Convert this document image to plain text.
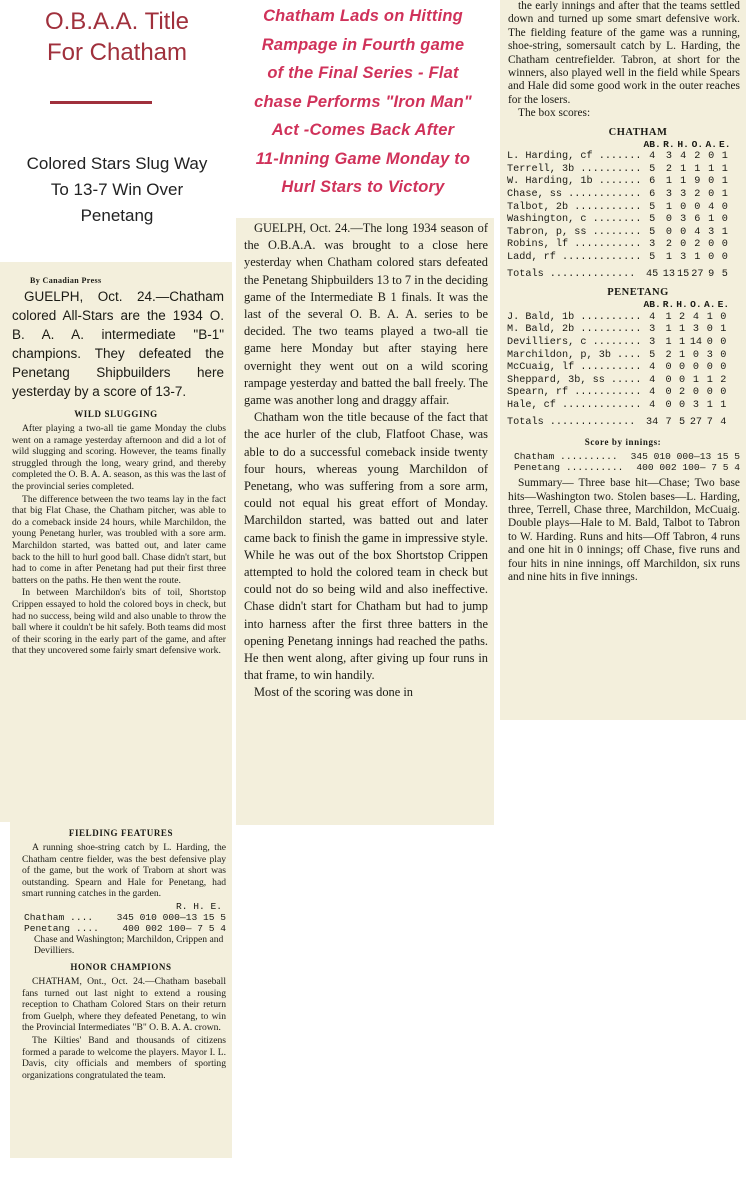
O.B.A.A. Title
For Chatham
Colored Stars Slug Way
To 13-7 Win Over
Penetang
Chatham Lads on Hitting
Rampage in Fourth game
of the Final Series - Flat
chase Performs "Iron Man"
Act -Comes Back After
11-Inning Game Monday to
Hurl Stars to Victory
By Canadian Press
GUELPH, Oct. 24.—Chatham colored All-Stars are the 1934 O. B. A. A. intermediate "B-1" champions. They defeated the Penetang Shipbuilders here yesterday by a score of 13-7.
WILD SLUGGING

After playing a two-all tie game Monday the clubs went on a ramage yesterday afternoon and did a lot of wild slugging and scoring. However, the teams finally struggled through the long, weary grind, and thereby completed the O. B. A. A. season, as this was the last of the provincial series completed.

The difference between the two teams lay in the fact that big Flat Chase, the Chatham pitcher, was able to do a comeback inside 24 hours, while Marchildon, the young Penetang hurler, was troubled with a sore arm. Marchildon started, was batted out, and later came back to the hill to hurl good ball. Chase didn't start, but had to come in after Penetang had put their first three batters on the paths. He then went the route.

In between Marchildon's bits of toil, Shortstop Crippen essayed to hold the colored boys in check, but had no success, being wild and also unable to throw the ball where it couldn't be hit safely. Both teams did most of their scoring in the early part of the game, and after that they uncovered some fairly smart defensive work.

FIELDING FEATURES

A running shoe-string catch by L. Harding, the Chatham centre fielder, was the best defensive play of the game, but the work of Traborn at short was outstanding. Spearn and Hale for Penetang, had smart running catches in the garden.

R. H. E.
Chatham .... 345 010 000—13 15 5
Penetang .... 400 002 100— 7 5 4
Chase and Washington; Marchildon, Crippen and Devilliers.
HONOR CHAMPIONS

CHATHAM, Ont., Oct. 24.—Chatham baseball fans turned out last night to extend a rousing reception to Chatham Colored Stars on their return from Guelph, where they defeated Penetang, to win the Provincial Intermediates "B" O. B. A. A. crown.

The Kilties' Band and thousands of citizens formed a parade to welcome the players. Mayor I. L. Davis, city officials and members of sporting organizations congratulated the team.

GUELPH, Oct. 24.—The long 1934 season of the O.B.A.A. was brought to a close here yesterday when Chatham colored stars defeated the Penetang Shipbuilders 13 to 7 in the deciding game of the Intermediate B 1 finals. It was the last of the several O. B. A. A. series to be decided. The two teams played a two-all tie game here Monday but after staying here overnight they went out on a wild scoring rampage yesterday and batted the ball freely. The game was another long and draggy affair.

Chatham won the title because of the fact that the ace hurler of the club, Flatfoot Chase, was able to do a successful comeback inside twenty four hours, whereas young Marchildon of Penetang, who was suffering from a sore arm, could not equal his great effort of Monday. Marchildon started, was batted out and later came back to finish the game in impressive style. While he was out of the box Shortstop Crippen attempted to hold the colored team in check but could not do so being wild and also ineffective. Chase didn't start for Chatham but had to jump into harness after the first three batters in the opening Penetang innings had reached the paths. He then went along, after giving up four runs in that frame, to win handily.

Most of the scoring was done in

the early innings and after that the teams settled down and turned up some smart defensive work. The fielding feature of the game was a running, shoe-string, somersault catch by L. Harding, the Chatham centrefielder. Tabron, at short for the winners, also played well in the field while Spears and Hale did some good work in the outer reaches for the losers.

The box scores:

CHATHAM
	AB.	R.	H.	O.	A.	E.
L. Harding, cf .......	4	3	4	2	0	1
Terrell, 3b ..........	5	2	1	1	1	1
W. Harding, 1b .......	6	1	1	9	0	1
Chase, ss ............	6	3	3	2	0	1
Talbot, 2b ...........	5	1	0	0	4	0
Washington, c ........	5	0	3	6	1	0
Tabron, p, ss ........	5	0	0	4	3	1
Robins, lf ...........	3	2	0	2	0	0
Ladd, rf .............	5	1	3	1	0	0
Totals ..............	45	13	15	27	9	5
PENETANG
	AB.	R.	H.	O.	A.	E.
J. Bald, 1b ..........	4	1	2	4	1	0
M. Bald, 2b ..........	3	1	1	3	0	1
Devilliers, c ........	3	1	1	14	0	0
Marchildon, p, 3b ....	5	2	1	0	3	0
McCuaig, lf ..........	4	0	0	0	0	0
Sheppard, 3b, ss .....	4	0	0	1	1	2
Spearn, rf ...........	4	0	2	0	0	0
Hale, cf .............	4	0	0	3	1	1
Totals ..............	34	7	5	27	7	4
Score by innings:
Chatham .......... 345 010 000—13 15 5
Penetang .......... 400 002 100— 7 5 4

Summary— Three base hit—Chase; Two base hits—Washington two. Stolen bases—L. Harding, three, Terrell, Chase three, Marchildon, McCuaig. Double plays—Hale to M. Bald, Talbot to Tabron to W. Harding. Runs and hits—Off Tabron, 4 runs and one hit in 0 innings; off Chase, five runs and four hits in nine innings, off Marchildon, six runs and nine hits in five innings.
